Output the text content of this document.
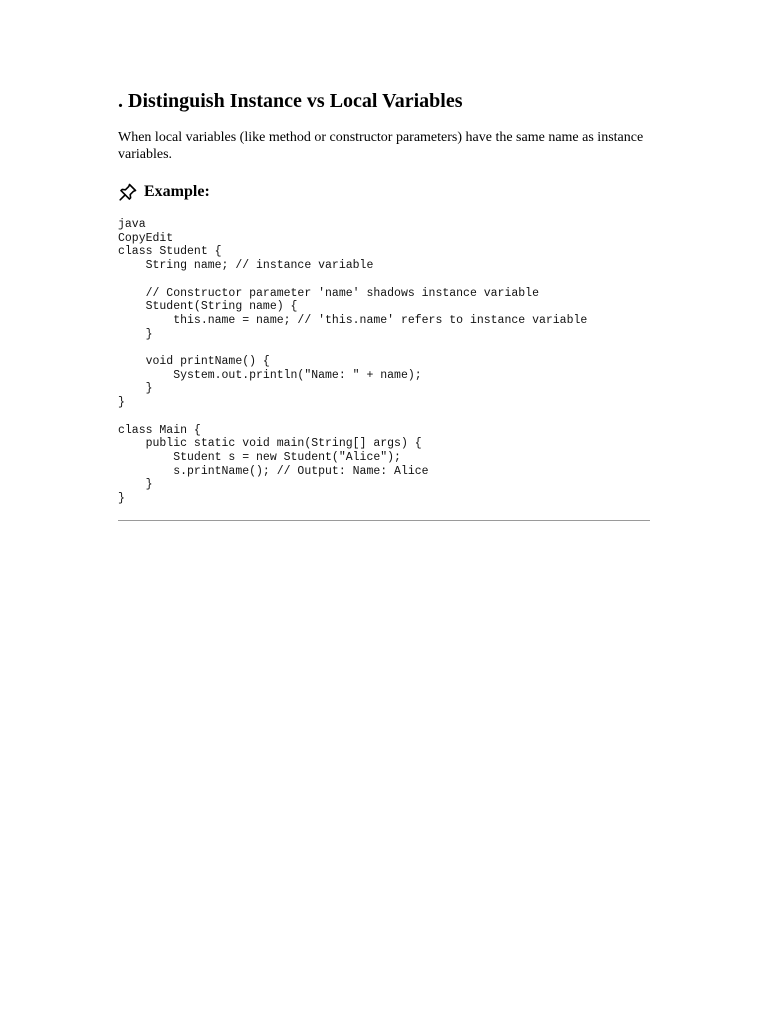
. Distinguish Instance vs Local Variables

When local variables (like method or constructor parameters) have the same name as instance variables.

Example:
java
CopyEdit
class Student {
String name; // instance variable

// Constructor parameter 'name' shadows instance variable
Student(String name) {
this.name = name; // 'this.name' refers to instance variable
}

void printName() {
System.out.println("Name: " + name);
}
}

class Main {
public static void main(String[] args) {
Student s = new Student("Alice");
s.printName(); // Output: Name: Alice
}
}
